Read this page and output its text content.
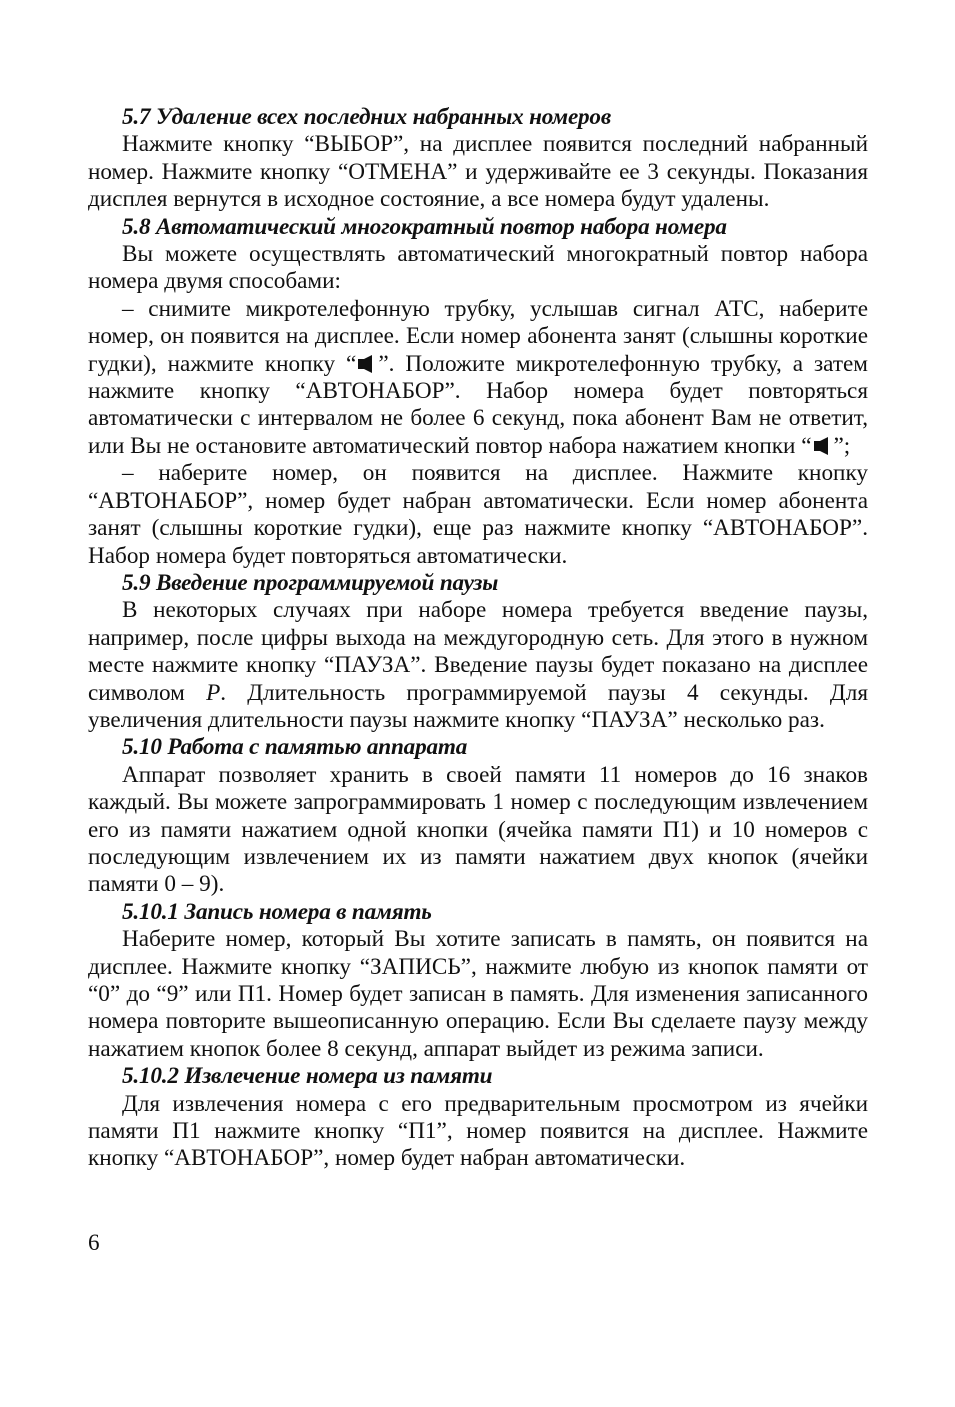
5.7 Удаление всех последних набранных номеров
Нажмите кнопку “ВЫБОР”, на дисплее появится последний набранный номер. Нажмите кнопку “ОТМЕНА” и удерживайте ее 3 секунды. Показания дисплея вернутся в исходное состояние, а все номера будут удалены.
5.8 Автоматический многократный повтор набора номера
Вы можете осуществлять автоматический многократный повтор набора номера двумя способами:
– снимите микротелефонную трубку, услышав сигнал АТС, наберите номер, он появится на дисплее. Если номер абонента занят (слышны короткие гудки), нажмите кнопку “ ”. Положите микротелефонную трубку, а затем нажмите кнопку “АВТОНАБОР”. Набор номера будет повторяться автоматически с интервалом не более 6 секунд, пока абонент Вам не ответит, или Вы не остановите автоматический повтор набора нажатием кнопки “ ”;
– наберите номер, он появится на дисплее. Нажмите кнопку “АВТОНАБОР”, номер будет набран автоматически. Если номер абонента занят (слышны короткие гудки), еще раз нажмите кнопку “АВТОНАБОР”. Набор номера будет повторяться автоматически.
5.9 Введение программируемой паузы
В некоторых случаях при наборе номера требуется введение паузы, например, после цифры выхода на междугородную сеть. Для этого в нужном месте нажмите кнопку “ПАУЗА”. Введение паузы будет показано на дисплее символом P. Длительность программируемой паузы 4 секунды. Для увеличения длительности паузы нажмите кнопку “ПАУЗА” несколько раз.
5.10 Работа с памятью аппарата
Аппарат позволяет хранить в своей памяти 11 номеров до 16 знаков каждый. Вы можете запрограммировать 1 номер с последующим извлечением его из памяти нажатием одной кнопки (ячейка памяти П1) и 10 номеров с последующим извлечением их из памяти нажатием двух кнопок (ячейки памяти 0 – 9).
5.10.1 Запись номера в память
Наберите номер, который Вы хотите записать в память, он появится на дисплее. Нажмите кнопку “ЗАПИСЬ”, нажмите любую из кнопок памяти от “0” до “9” или П1. Номер будет записан в память. Для изменения записанного номера повторите вышеописанную операцию. Если Вы сделаете паузу между нажатием кнопок более 8 секунд, аппарат выйдет из режима записи.
5.10.2 Извлечение номера из памяти
Для извлечения номера с его предварительным просмотром из ячейки памяти П1 нажмите кнопку “П1”, номер появится на дисплее. Нажмите кнопку “АВТОНАБОР”, номер будет набран автоматически.
6
